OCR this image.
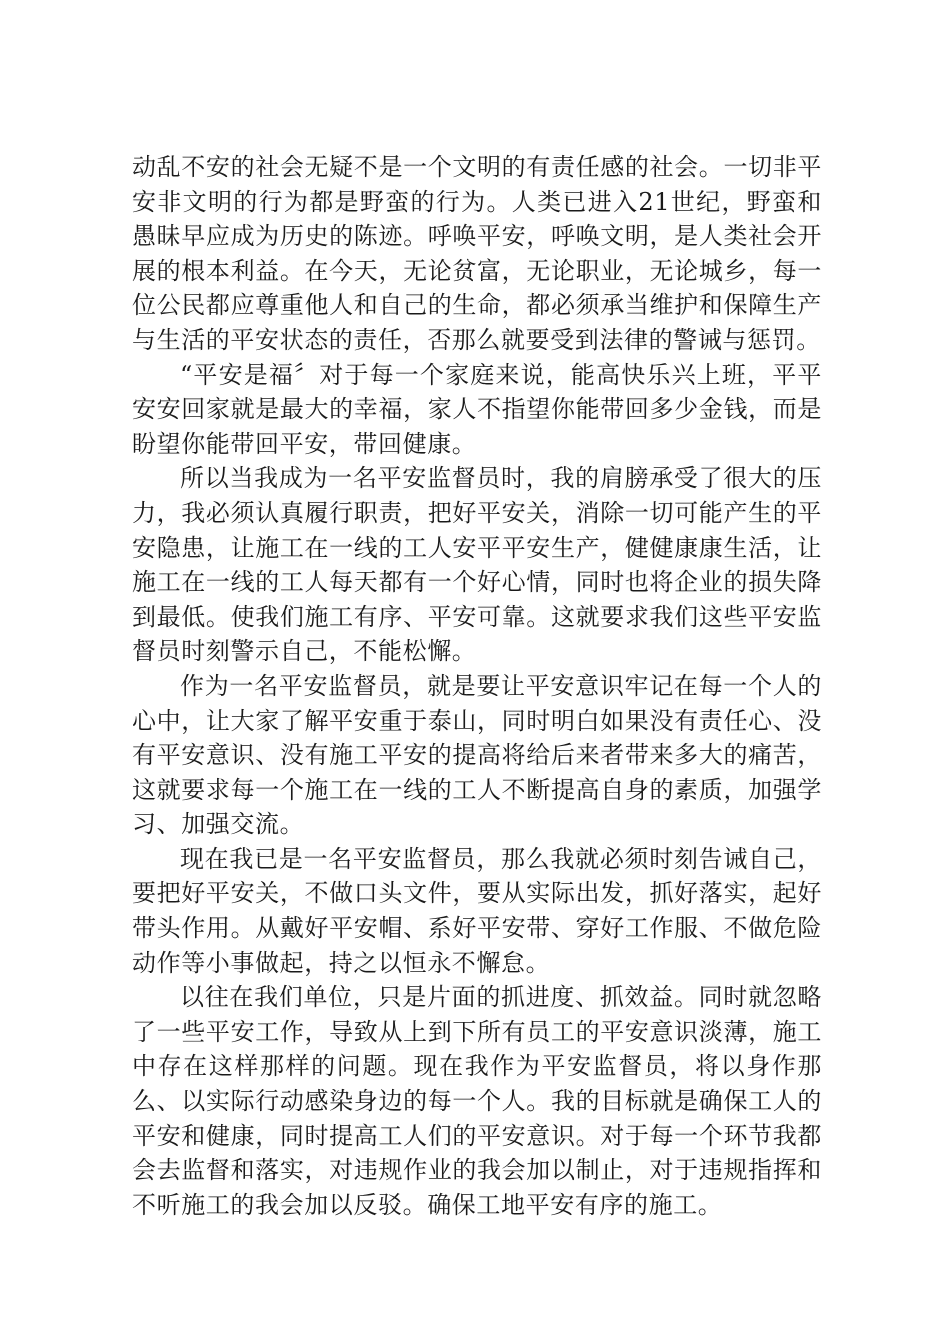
动乱不安的社会无疑不是一个文明的有责任感的社会。一切非平安非文明的行为都是野蛮的行为。人类已进入21世纪，野蛮和愚昧早应成为历史的陈迹。呼唤平安，呼唤文明，是人类社会开展的根本利益。在今天，无论贫富，无论职业，无论城乡，每一位公民都应尊重他人和自己的生命，都必须承当维护和保障生产与生活的平安状态的责任，否那么就要受到法律的警诫与惩罚。

“平安是福〞对于每一个家庭来说，能高快乐兴上班，平平安安回家就是最大的幸福，家人不指望你能带回多少金钱，而是盼望你能带回平安，带回健康。

所以当我成为一名平安监督员时，我的肩膀承受了很大的压力，我必须认真履行职责，把好平安关，消除一切可能产生的平安隐患，让施工在一线的工人安平平安生产，健健康康生活，让施工在一线的工人每天都有一个好心情，同时也将企业的损失降到最低。使我们施工有序、平安可靠。这就要求我们这些平安监督员时刻警示自己，不能松懈。

作为一名平安监督员，就是要让平安意识牢记在每一个人的心中，让大家了解平安重于泰山，同时明白如果没有责任心、没有平安意识、没有施工平安的提高将给后来者带来多大的痛苦，这就要求每一个施工在一线的工人不断提高自身的素质，加强学习、加强交流。

现在我已是一名平安监督员，那么我就必须时刻告诫自己，要把好平安关，不做口头文件，要从实际出发，抓好落实，起好带头作用。从戴好平安帽、系好平安带、穿好工作服、不做危险动作等小事做起，持之以恒永不懈怠。

以往在我们单位，只是片面的抓进度、抓效益。同时就忽略了一些平安工作，导致从上到下所有员工的平安意识淡薄，施工中存在这样那样的问题。现在我作为平安监督员，将以身作那么、以实际行动感染身边的每一个人。我的目标就是确保工人的平安和健康，同时提高工人们的平安意识。对于每一个环节我都会去监督和落实，对违规作业的我会加以制止，对于违规指挥和不听施工的我会加以反驳。确保工地平安有序的施工。
